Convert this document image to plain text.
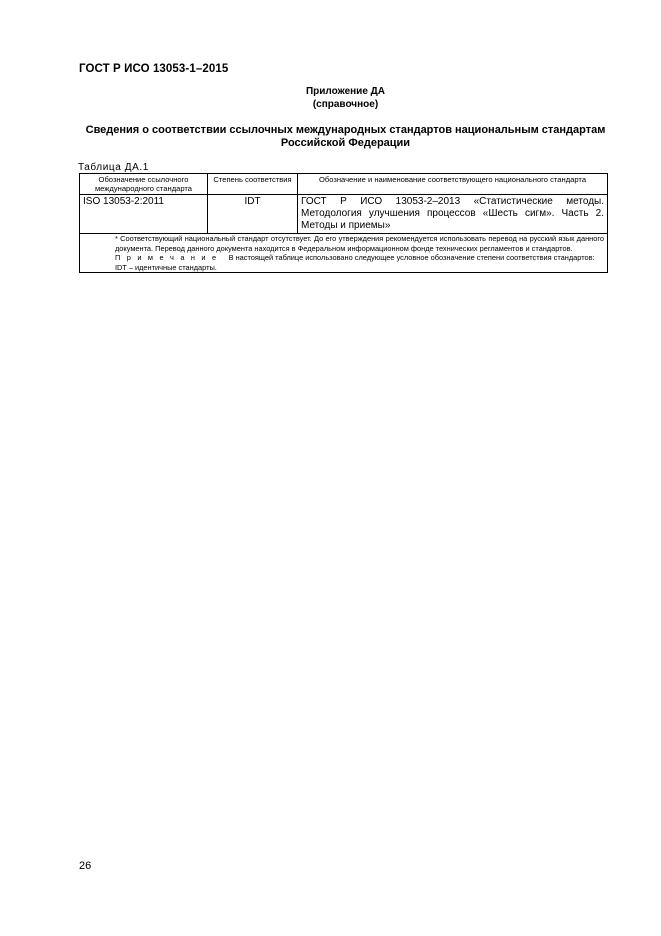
ГОСТ Р ИСО 13053-1–2015
Приложение ДА
(справочное)
Сведения о соответствии ссылочных международных стандартов национальным стандартам
Российской Федерации
Таблица ДА.1
Обозначение ссылочного международного стандарта	Степень соответствия	Обозначение и наименование соответствующего национального стандарта
ISO 13053-2:2011	IDT	ГОСТ Р ИСО 13053-2–2013 «Статистические методы. Методология улучшения процессов «Шесть сигм». Часть 2. Методы и приемы»

* Соответствующий национальный стандарт отсутствует. До его утверждения рекомендуется использовать перевод на русский язык данного документа. Перевод данного документа находится в Федеральном информационном фонде технических регламентов и стандартов.

П р и м е ч а н и е В настоящей таблице использовано следующее условное обозначение степени соответствия стандартов:

IDT – идентичные стандарты.		

26
